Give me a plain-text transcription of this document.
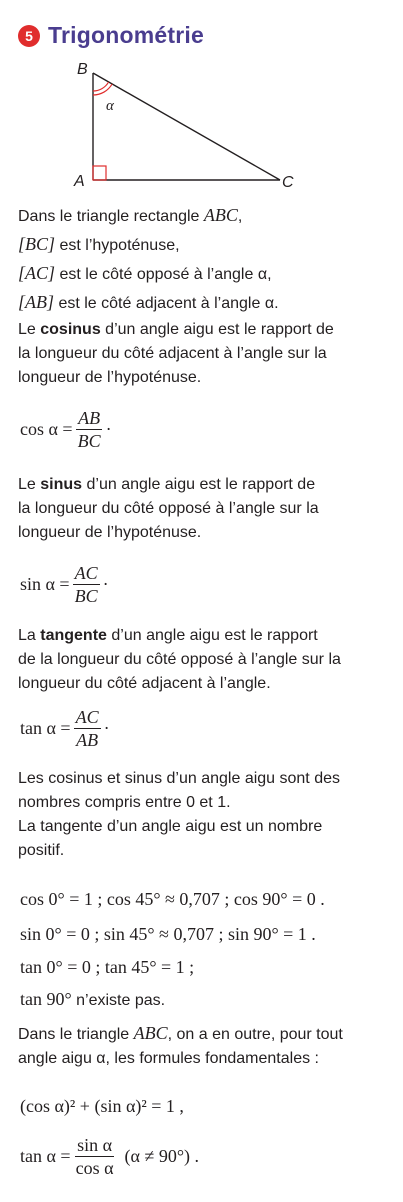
5 Trigonométrie
B
A	C
α
Dans le triangle rectangle ABC,
[BC] est l’hypoténuse,
[AC] est le côté opposé à l’angle α,
[AB] est le côté adjacent à l’angle α.
Le cosinus d’un angle aigu est le rapport de
la longueur du côté adjacent à l’angle sur la
longueur de l’hypoténuse.
$\cos \alpha = \frac{AB}{BC}$ ·
Le sinus d’un angle aigu est le rapport de
la longueur du côté opposé à l’angle sur la
longueur de l’hypoténuse.
$\sin \alpha = \frac{AC}{BC}$ ·
La tangente d’un angle aigu est le rapport
de la longueur du côté opposé à l’angle sur la
longueur du côté adjacent à l’angle.
$\tan \alpha = \frac{AC}{AB}$ ·
Les cosinus et sinus d’un angle aigu sont des
nombres compris entre 0 et 1.
La tangente d’un angle aigu est un nombre
positif.
cos 0° = 1 ; cos 45° ≈ 0,707 ; cos 90° = 0 .
sin 0° = 0 ; sin 45° ≈ 0,707 ; sin 90° = 1 .
tan 0° = 0 ; tan 45° = 1 ;
tan 90° n’existe pas.
Dans le triangle ABC, on a en outre, pour tout
angle aigu α, les formules fondamentales :
(cos α)² + (sin α)² = 1 ,
$\tan \alpha = \frac{\text{sin α}}{\text{cos α}} (\alpha \ne 90^\circ)$ .
